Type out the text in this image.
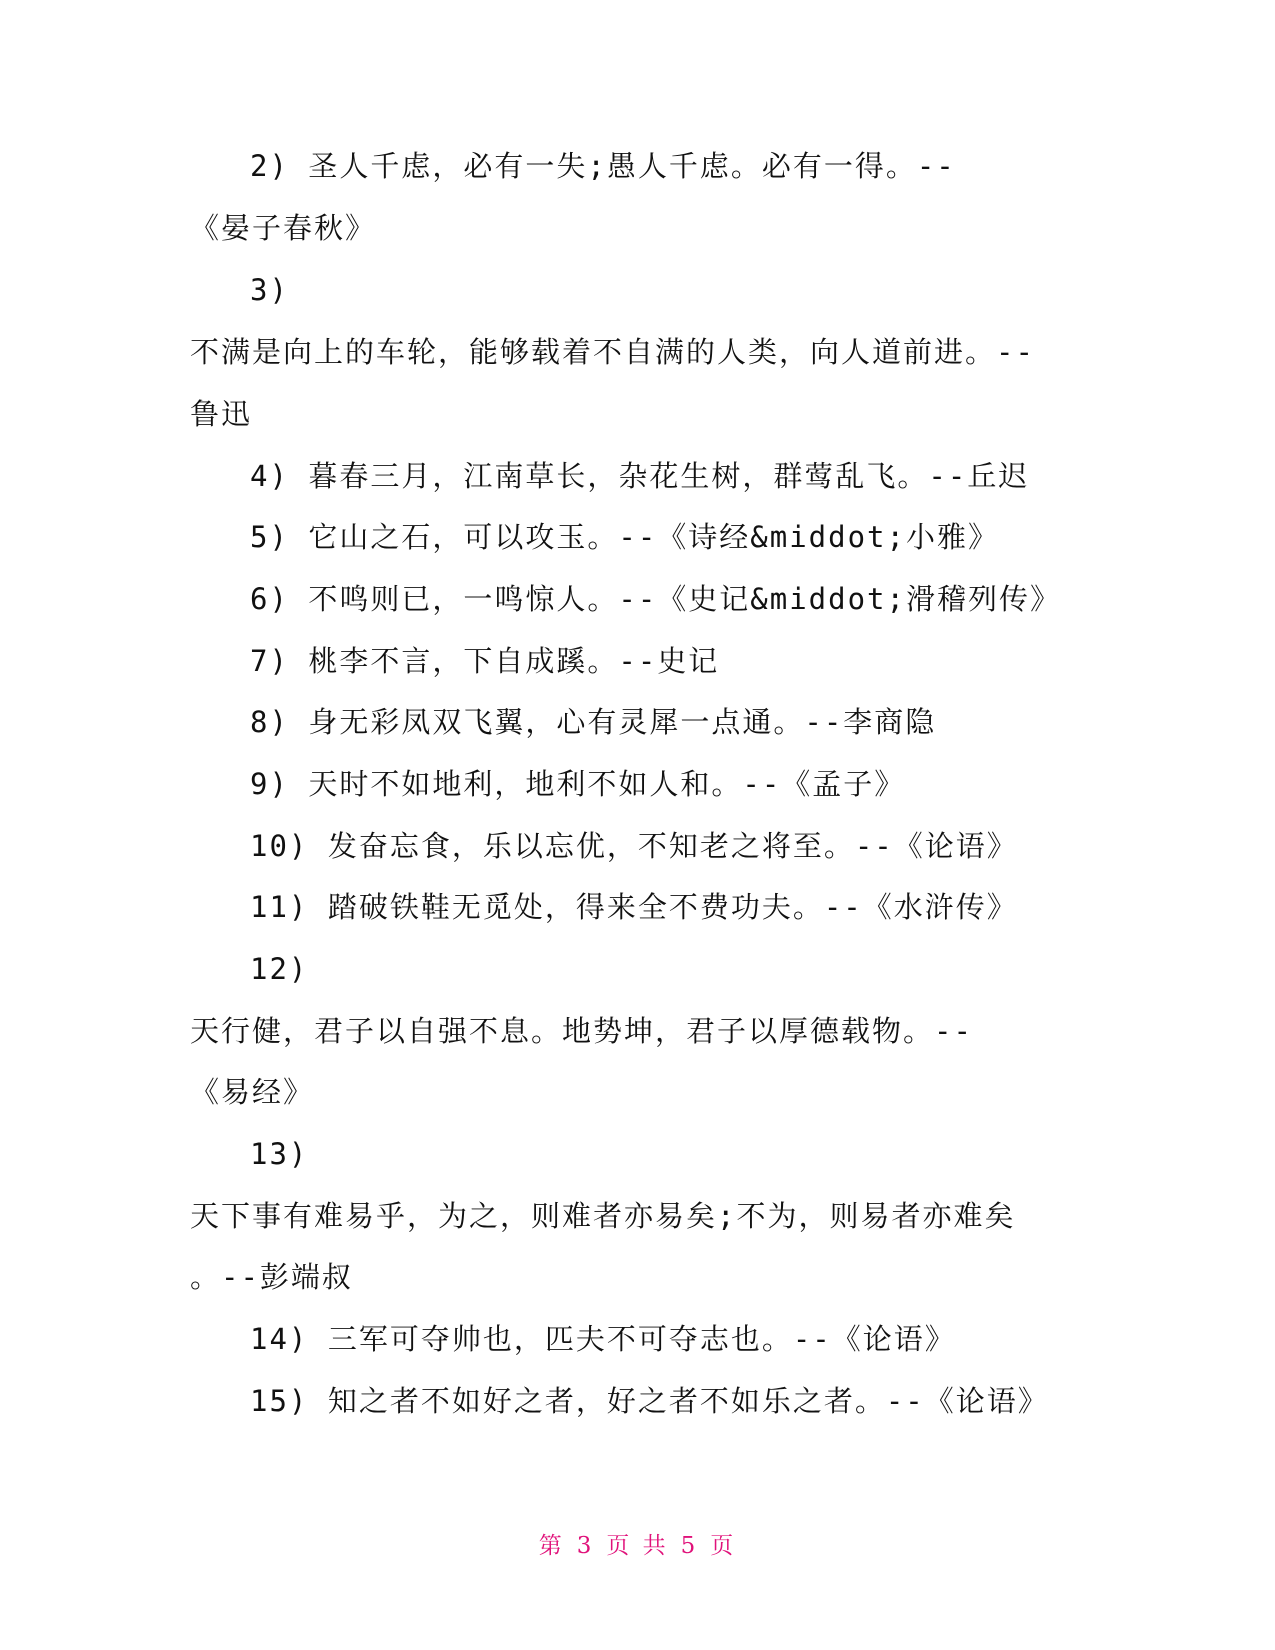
2) 圣人千虑，必有一失;愚人千虑。必有一得。--
《晏子春秋》
3)
不满是向上的车轮，能够载着不自满的人类，向人道前进。--
鲁迅
4) 暮春三月，江南草长，杂花生树，群莺乱飞。--丘迟
5) 它山之石，可以攻玉。--《诗经&middot;小雅》
6) 不鸣则已，一鸣惊人。--《史记&middot;滑稽列传》
7) 桃李不言，下自成蹊。--史记
8) 身无彩凤双飞翼，心有灵犀一点通。--李商隐
9) 天时不如地利，地利不如人和。--《孟子》
10) 发奋忘食，乐以忘优，不知老之将至。--《论语》
11) 踏破铁鞋无觅处，得来全不费功夫。--《水浒传》
12)
天行健，君子以自强不息。地势坤，君子以厚德载物。--
《易经》
13)
天下事有难易乎，为之，则难者亦易矣;不为，则易者亦难矣
。--彭端叔
14) 三军可夺帅也，匹夫不可夺志也。--《论语》
15) 知之者不如好之者，好之者不如乐之者。--《论语》
第 3 页 共 5 页
